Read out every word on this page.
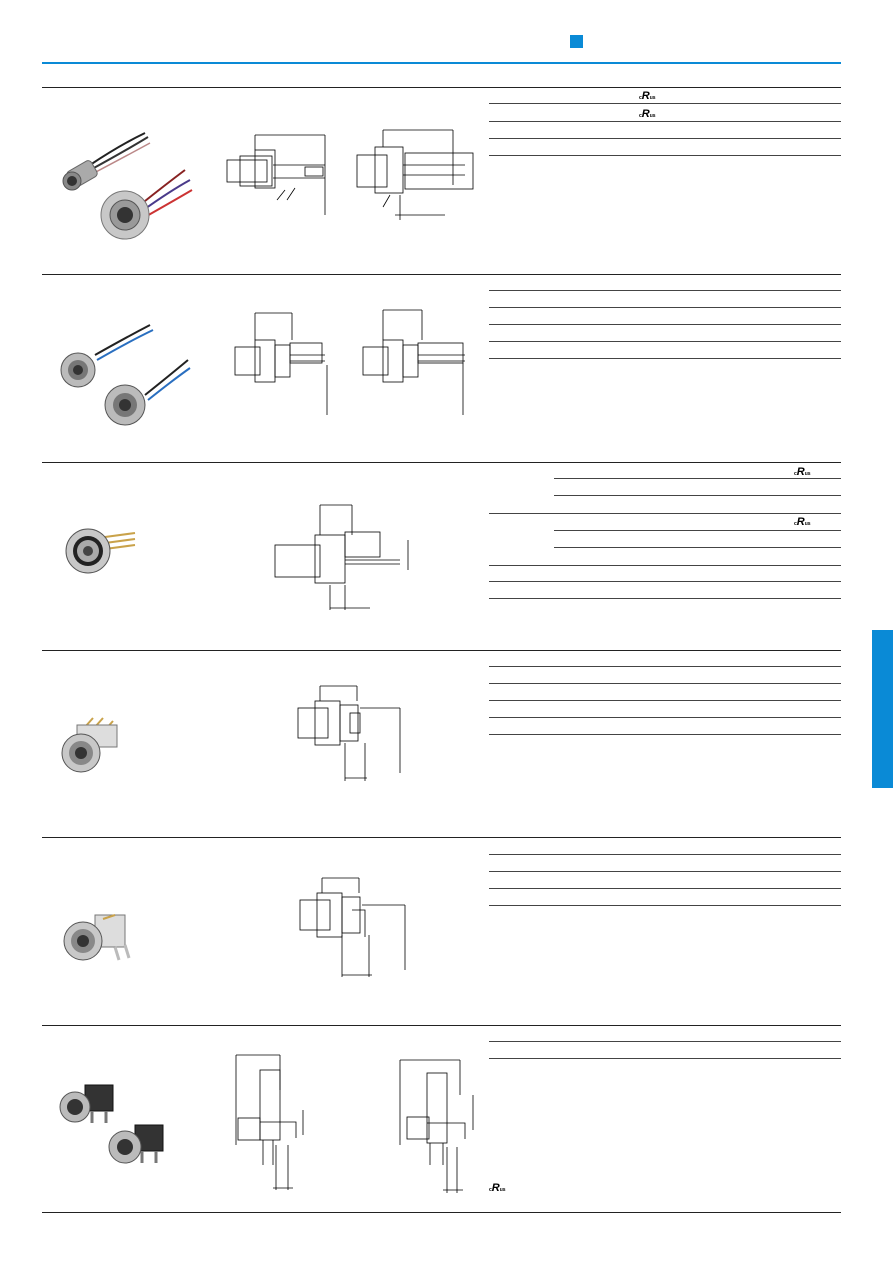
cRus
cRus
cRus
cRus
cRus
